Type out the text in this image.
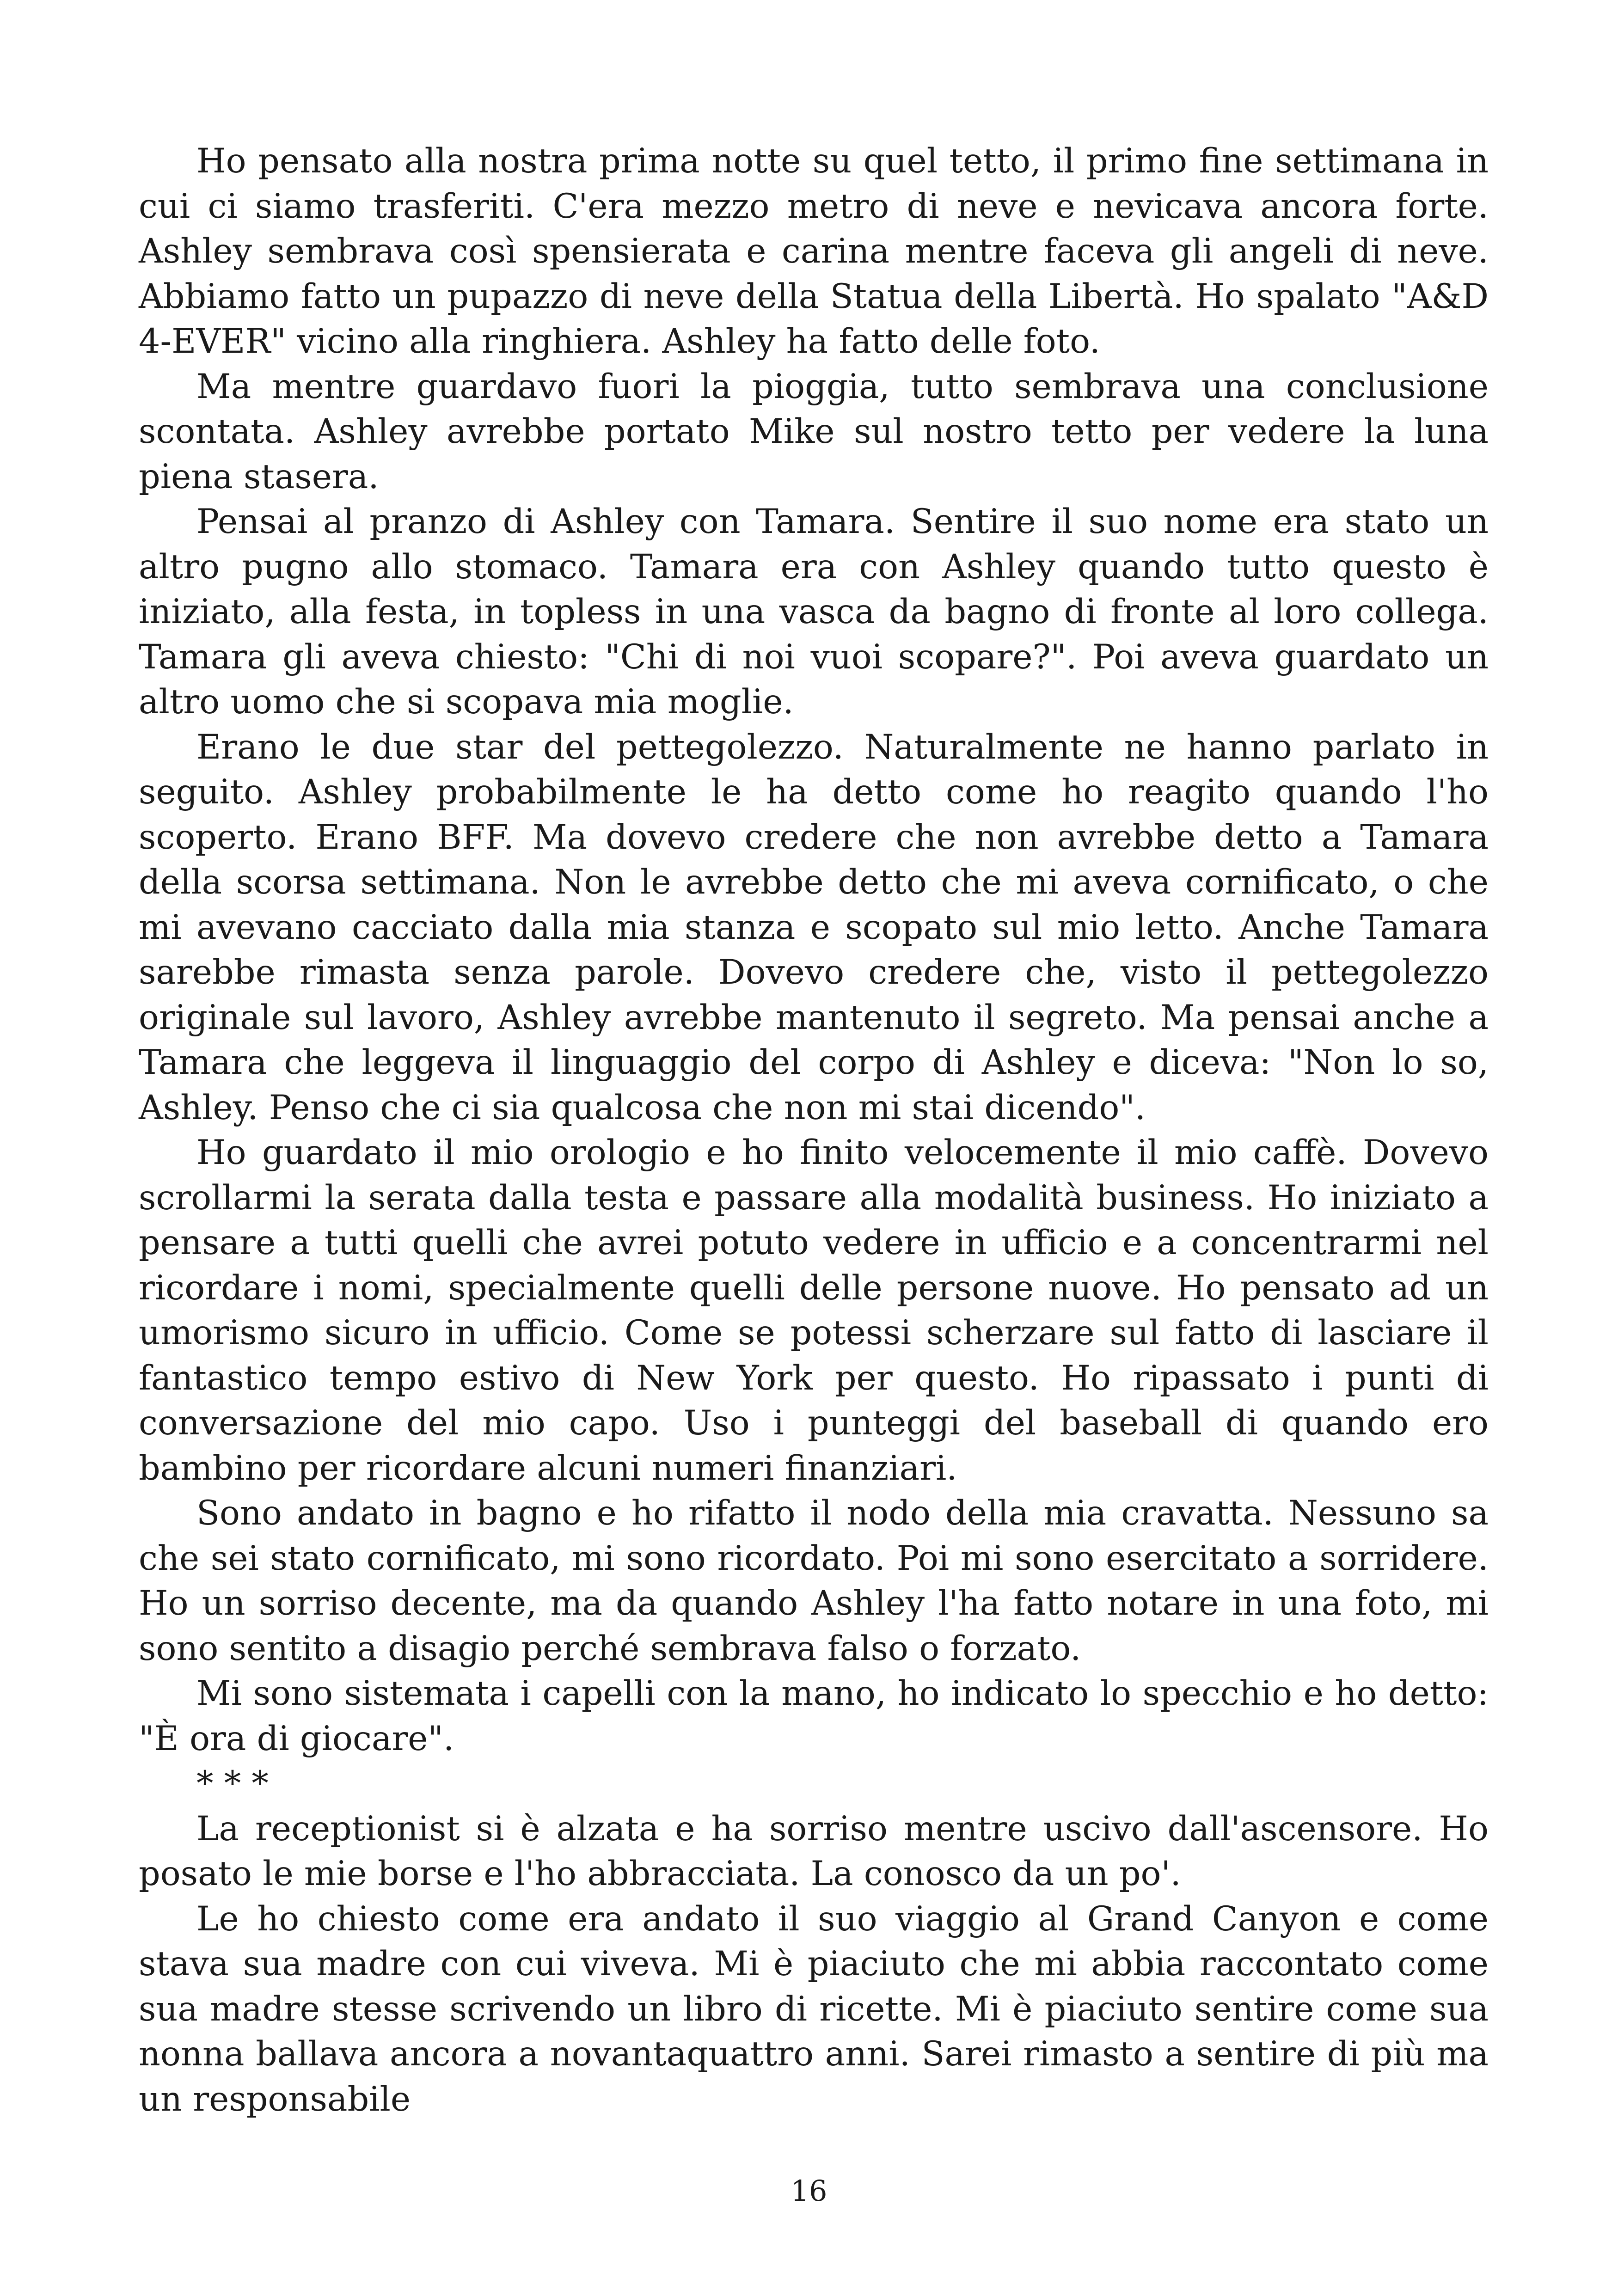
Ho pensato alla nostra prima notte su quel tetto, il primo fine settimana in cui ci siamo trasferiti. C'era mezzo metro di neve e nevicava ancora forte. Ashley sembrava così spensierata e carina mentre faceva gli angeli di neve. Abbiamo fatto un pupazzo di neve della Statua della Libertà. Ho spalato "A&D 4-EVER" vicino alla ringhiera. Ashley ha fatto delle foto.

Ma mentre guardavo fuori la pioggia, tutto sembrava una conclusione scontata. Ashley avrebbe portato Mike sul nostro tetto per vedere la luna piena stasera.

Pensai al pranzo di Ashley con Tamara. Sentire il suo nome era stato un altro pugno allo stomaco. Tamara era con Ashley quando tutto questo è iniziato, alla festa, in topless in una vasca da bagno di fronte al loro collega. Tamara gli aveva chiesto: "Chi di noi vuoi scopare?". Poi aveva guardato un altro uomo che si scopava mia moglie.

Erano le due star del pettegolezzo. Naturalmente ne hanno parlato in seguito. Ashley probabilmente le ha detto come ho reagito quando l'ho scoperto. Erano BFF. Ma dovevo credere che non avrebbe detto a Tamara della scorsa settimana. Non le avrebbe detto che mi aveva cornificato, o che mi avevano cacciato dalla mia stanza e scopato sul mio letto. Anche Tamara sarebbe rimasta senza parole. Dovevo credere che, visto il pettegolezzo originale sul lavoro, Ashley avrebbe mantenuto il segreto. Ma pensai anche a Tamara che leggeva il linguaggio del corpo di Ashley e diceva: "Non lo so, Ashley. Penso che ci sia qualcosa che non mi stai dicendo".

Ho guardato il mio orologio e ho finito velocemente il mio caffè. Dovevo scrollarmi la serata dalla testa e passare alla modalità business. Ho iniziato a pensare a tutti quelli che avrei potuto vedere in ufficio e a concentrarmi nel ricordare i nomi, specialmente quelli delle persone nuove. Ho pensato ad un umorismo sicuro in ufficio. Come se potessi scherzare sul fatto di lasciare il fantastico tempo estivo di New York per questo. Ho ripassato i punti di conversazione del mio capo. Uso i punteggi del baseball di quando ero bambino per ricordare alcuni numeri finanziari.

Sono andato in bagno e ho rifatto il nodo della mia cravatta. Nessuno sa che sei stato cornificato, mi sono ricordato. Poi mi sono esercitato a sorridere. Ho un sorriso decente, ma da quando Ashley l'ha fatto notare in una foto, mi sono sentito a disagio perché sembrava falso o forzato.

Mi sono sistemata i capelli con la mano, ho indicato lo specchio e ho detto: "È ora di giocare".

* * *

La receptionist si è alzata e ha sorriso mentre uscivo dall'ascensore. Ho posato le mie borse e l'ho abbracciata. La conosco da un po'.

Le ho chiesto come era andato il suo viaggio al Grand Canyon e come stava sua madre con cui viveva. Mi è piaciuto che mi abbia raccontato come sua madre stesse scrivendo un libro di ricette. Mi è piaciuto sentire come sua nonna ballava ancora a novantaquattro anni. Sarei rimasto a sentire di più ma un responsabile

16
